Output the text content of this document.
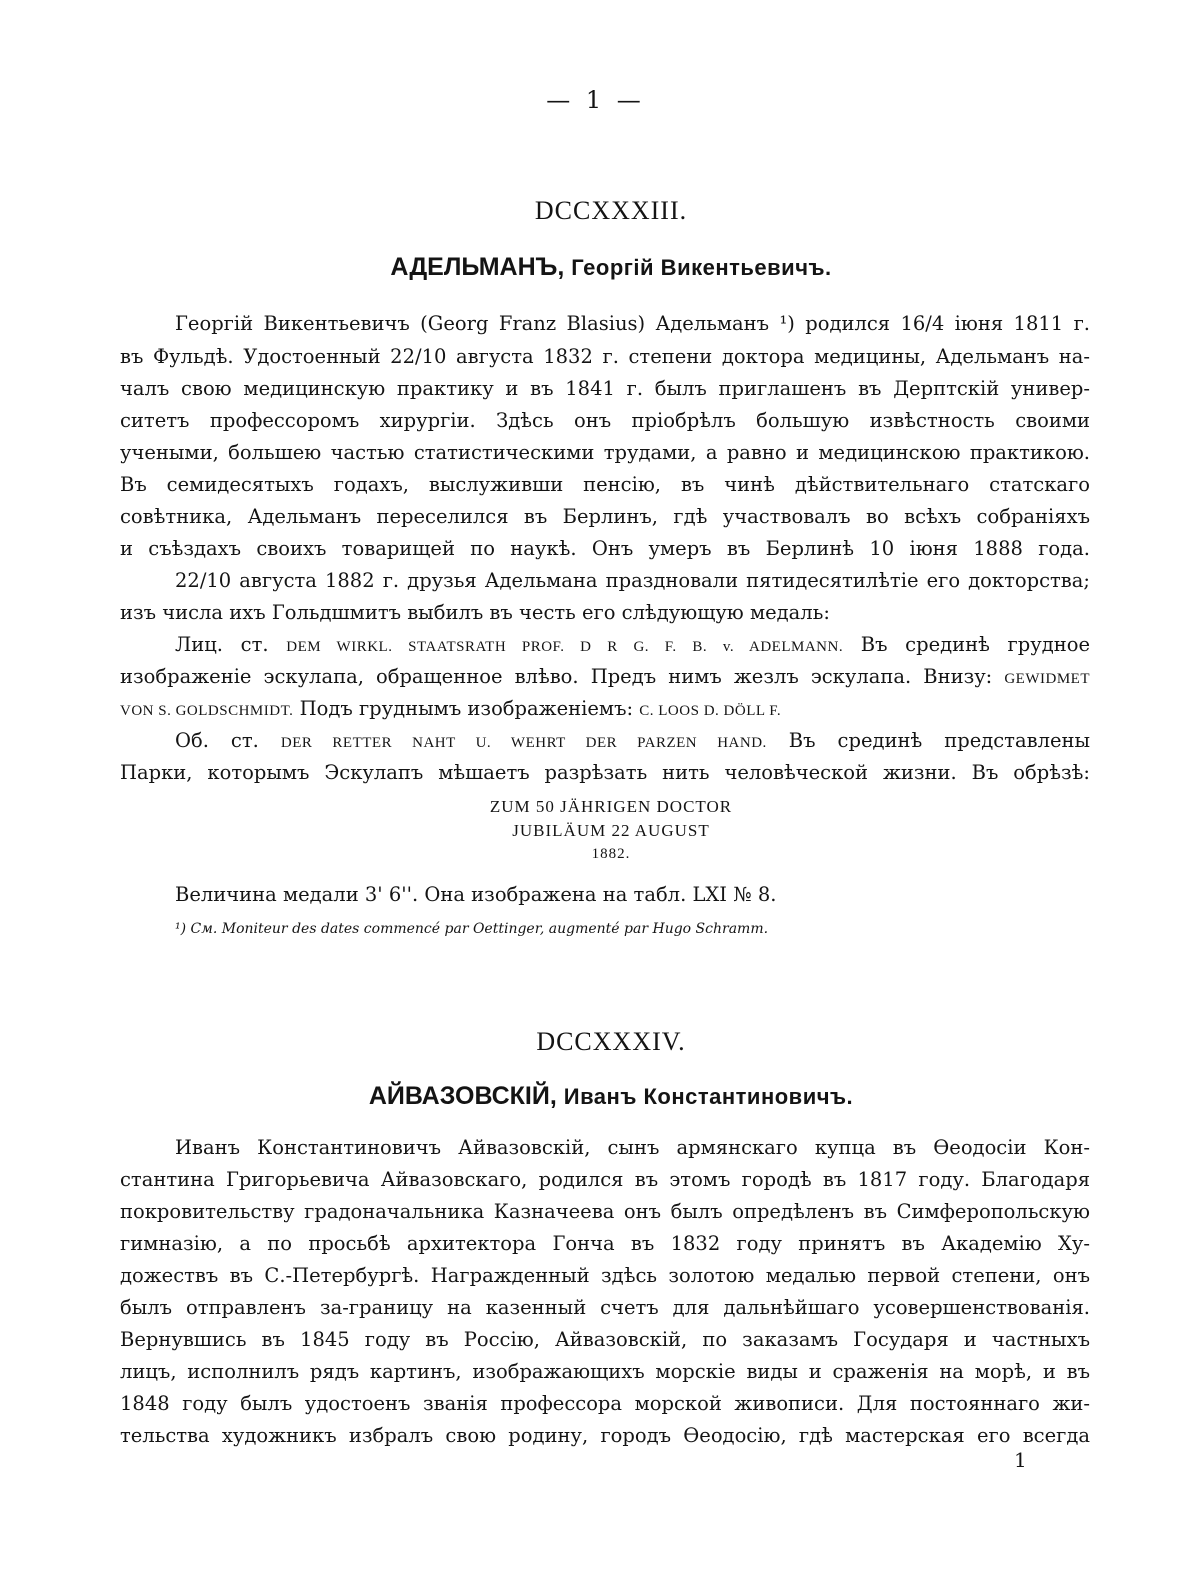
— 1 —
DCCXXXIII.
АДЕЛЬМАНЪ, Георгій Викентьевичъ.
Георгій Викентьевичъ (Georg Franz Blasius) Адельманъ ¹) родился 16/4 іюня 1811 г.
въ Фульдѣ. Удостоенный 22/10 августа 1832 г. степени доктора медицины, Адельманъ на-
чалъ свою медицинскую практику и въ 1841 г. былъ приглашенъ въ Дерптскій универ-
ситетъ профессоромъ хирургіи. Здѣсь онъ пріобрѣлъ большую извѣстность своими
учеными, большею частью статистическими трудами, а равно и медицинскою практикою.
Въ семидесятыхъ годахъ, выслуживши пенсію, въ чинѣ дѣйствительнаго статскаго
совѣтника, Адельманъ переселился въ Берлинъ, гдѣ участвовалъ во всѣхъ собраніяхъ
и съѣздахъ своихъ товарищей по наукѣ. Онъ умеръ въ Берлинѣ 10 іюня 1888 года.
22/10 августа 1882 г. друзья Адельмана праздновали пятидесятилѣтіе его докторства;
изъ числа ихъ Гольдшмитъ выбилъ въ честь его слѣдующую медаль:
Лиц. ст. DEM WIRKL. STAATSRATH PROF. D R G. F. B. v. ADELMANN. Въ срединѣ грудное
изображеніе эскулапа, обращенное влѣво. Предъ нимъ жезлъ эскулапа. Внизу: GEWIDMET
VON S. GOLDSCHMIDT. Подъ груднымъ изображеніемъ: C. LOOS D. DÖLL F.
Об. ст. DER RETTER NAHT U. WEHRT DER PARZEN HAND. Въ срединѣ представлены
Парки, которымъ Эскулапъ мѣшаетъ разрѣзать нить человѣческой жизни. Въ обрѣзѣ:
ZUM 50 JÄHRIGEN DOCTOR
JUBILÄUM 22 AUGUST
1882.
Величина медали 3' 6''. Она изображена на табл. LXI № 8.
¹) См. Moniteur des dates commencé par Oettinger, augmenté par Hugo Schramm.
DCCXXXIV.
АЙВАЗОВСКІЙ, Иванъ Константиновичъ.
Иванъ Константиновичъ Айвазовскій, сынъ армянскаго купца въ Ѳеодосіи Кон-
стантина Григорьевича Айвазовскаго, родился въ этомъ городѣ въ 1817 году. Благодаря
покровительству градоначальника Казначеева онъ былъ опредѣленъ въ Симферопольскую
гимназію, а по просьбѣ архитектора Гонча въ 1832 году принятъ въ Академію Ху-
дожествъ въ С.-Петербургѣ. Награжденный здѣсь золотою медалью первой степени, онъ
былъ отправленъ за-границу на казенный счетъ для дальнѣйшаго усовершенствованія.
Вернувшись въ 1845 году въ Россію, Айвазовскій, по заказамъ Государя и частныхъ
лицъ, исполнилъ рядъ картинъ, изображающихъ морскіе виды и сраженія на морѣ, и въ
1848 году былъ удостоенъ званія профессора морской живописи. Для постояннаго жи-
тельства художникъ избралъ свою родину, городъ Ѳеодосію, гдѣ мастерская его всегда
1
